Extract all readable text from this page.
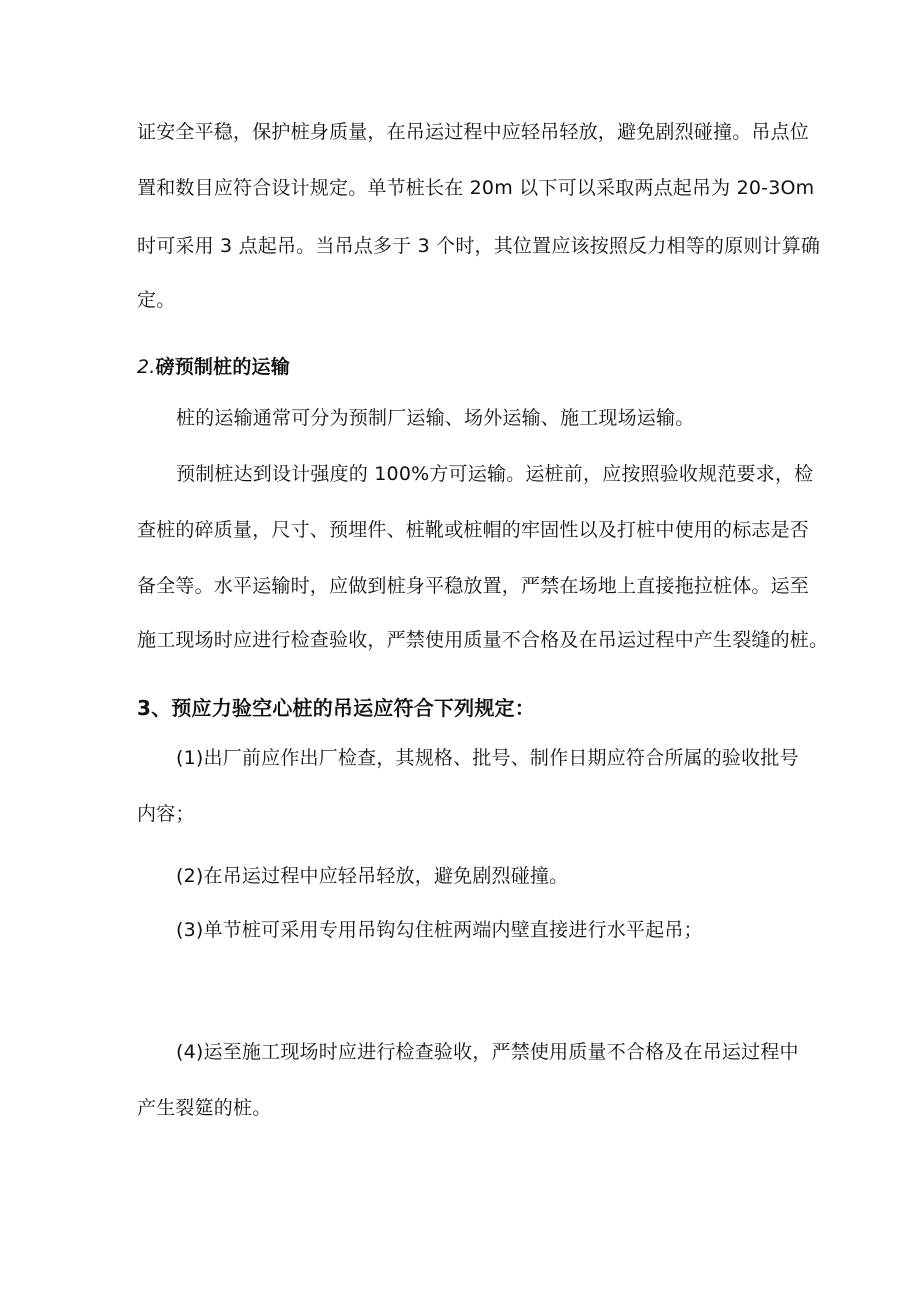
证安全平稳，保护桩身质量，在吊运过程中应轻吊轻放，避免剧烈碰撞。吊点位
置和数目应符合设计规定。单节桩长在 20m 以下可以采取两点起吊为 20-3Om
时可采用 3 点起吊。当吊点多于 3 个时，其位置应该按照反力相等的原则计算确
定。
2.磅预制桩的运输
桩的运输通常可分为预制厂运输、场外运输、施工现场运输。
预制桩达到设计强度的 100%方可运输。运桩前，应按照验收规范要求，检
查桩的碎质量，尺寸、预埋件、桩靴或桩帽的牢固性以及打桩中使用的标志是否
备全等。水平运输时，应做到桩身平稳放置，严禁在场地上直接拖拉桩体。运至
施工现场时应进行检查验收，严禁使用质量不合格及在吊运过程中产生裂缝的桩。
3、预应力验空心桩的吊运应符合下列规定：
(1)出厂前应作出厂检查，其规格、批号、制作日期应符合所属的验收批号
内容；
(2)在吊运过程中应轻吊轻放，避免剧烈碰撞。
(3)单节桩可采用专用吊钩勾住桩两端内壁直接进行水平起吊；
(4)运至施工现场时应进行检查验收，严禁使用质量不合格及在吊运过程中
产生裂筵的桩。
